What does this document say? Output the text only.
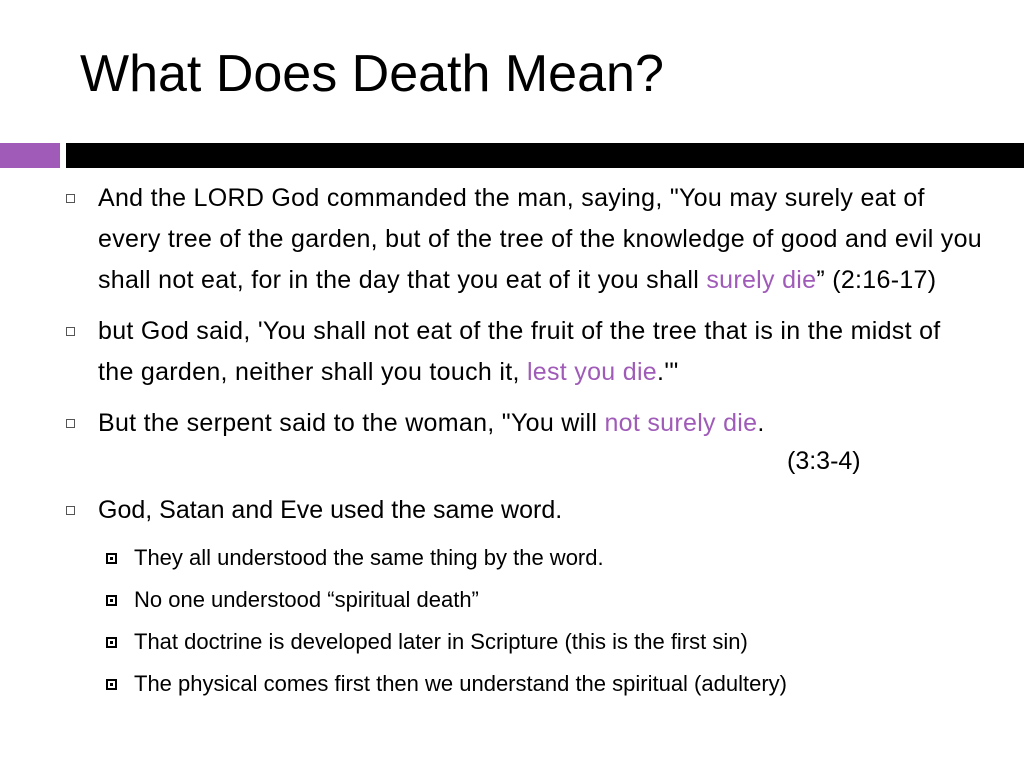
What Does Death Mean?
And the LORD God commanded the man, saying, "You may surely eat of every tree of the garden, but of the tree of the knowledge of good and evil you shall not eat, for in the day that you eat of it you shall surely die” (2:16-17)
but God said, 'You shall not eat of the fruit of the tree that is in the midst of the garden, neither shall you touch it, lest you die.'"
But the serpent said to the woman, "You will not surely die.
(3:3-4)
God, Satan and Eve used the same word.
They all understood the same thing by the word.
No one understood “spiritual death”
That doctrine is developed later in Scripture (this is the first sin)
The physical comes first then we understand the spiritual (adultery)
